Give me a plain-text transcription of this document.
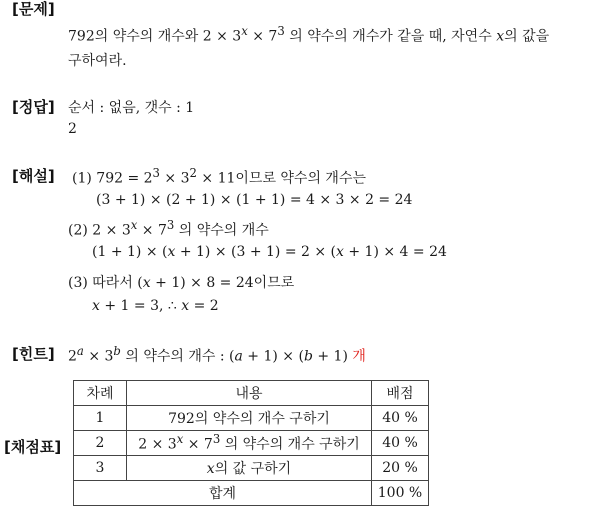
[문제]
792의 약수의 개수와 $2 \times 3^x \times 7^3$ 의 약수의 개수가 같을 때, 자연수 x의 값을
구하여라.
[정답] 순서 : 없음, 갯수 : 1
2
[해설] (1) $792 = 2^3 \times 3^2 \times 11$이므로 약수의 개수는
(3 + 1) × (2 + 1) × (1 + 1) = 4 × 3 × 2 = 24
(2) $2 \times 3^x \times 7^3$ 의 약수의 개수
(1 + 1) × (x + 1) × (3 + 1) = 2 × (x + 1) × 4 = 24
(3) 따라서 (x + 1) × 8 = 24이므로
x + 1 = 3, ∴ x = 2
[힌트] $2^a \times 3^b$ 의 약수의 개수 : (a + 1) × (b + 1) 개
[채점표]
차례	내용	배점
1	792의 약수의 개수 구하기	40 %
2	$2 \times 3^x \times 7^3$ 의 약수의 개수 구하기	40 %
3	x의 값 구하기	20 %
합계		100 %
